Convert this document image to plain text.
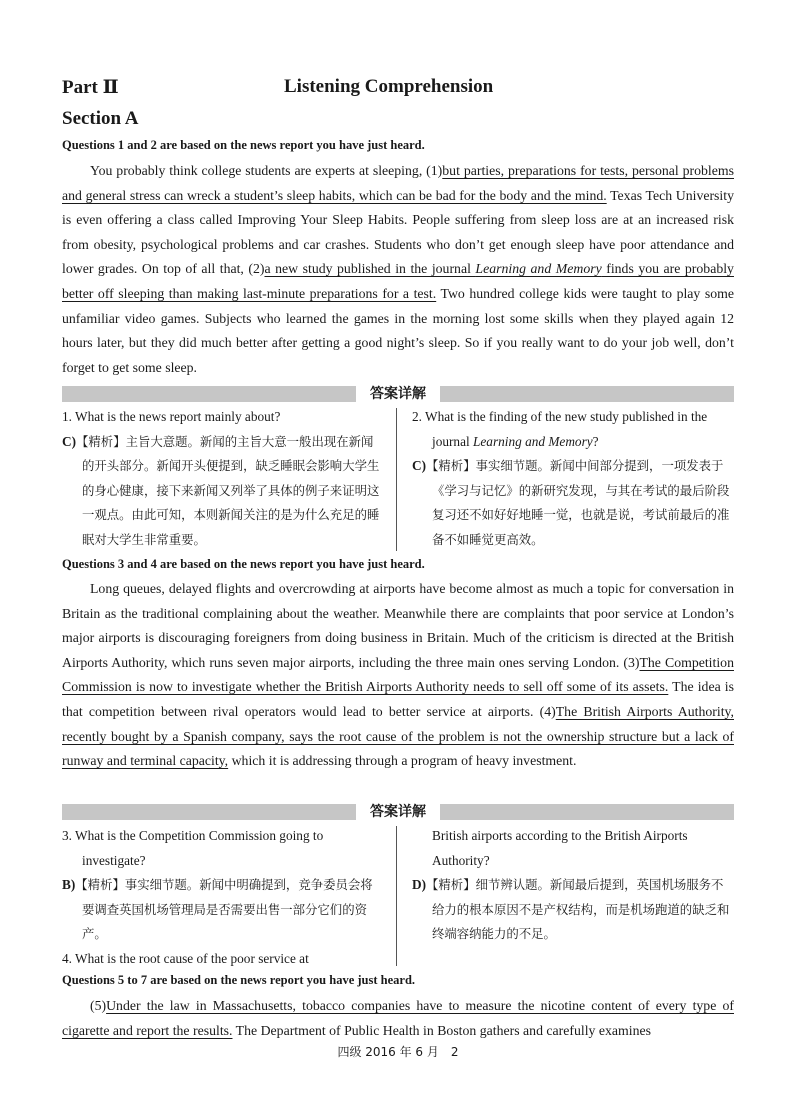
Part Ⅱ	Listening Comprehension
Section A
Questions 1 and 2 are based on the news report you have just heard.
You probably think college students are experts at sleeping, (1)but parties, preparations for tests, personal problems and general stress can wreck a student’s sleep habits, which can be bad for the body and the mind. Texas Tech University is even offering a class called Improving Your Sleep Habits. People suffering from sleep loss are at an increased risk from obesity, psychological problems and car crashes. Students who don’t get enough sleep have poor attendance and lower grades. On top of all that, (2)a new study published in the journal Learning and Memory finds you are probably better off sleeping than making last-minute preparations for a test. Two hundred college kids were taught to play some unfamiliar video games. Subjects who learned the games in the morning lost some skills when they played again 12 hours later, but they did much better after getting a good night’s sleep. So if you really want to do your job well, don’t forget to get some sleep.
答案详解
1. What is the news report mainly about?
C)【精析】主旨大意题。新闻的主旨大意一般出现在新闻的开头部分。新闻开头便提到，缺乏睡眠会影响大学生的身心健康，接下来新闻又列举了具体的例子来证明这一观点。由此可知，本则新闻关注的是为什么充足的睡眠对大学生非常重要。
2. What is the finding of the new study published in the journal Learning and Memory?
C)【精析】事实细节题。新闻中间部分提到，一项发表于《学习与记忆》的新研究发现，与其在考试的最后阶段复习还不如好好地睡一觉，也就是说，考试前最后的准备不如睡觉更高效。
Questions 3 and 4 are based on the news report you have just heard.
Long queues, delayed flights and overcrowding at airports have become almost as much a topic for conversation in Britain as the traditional complaining about the weather. Meanwhile there are complaints that poor service at London’s major airports is discouraging foreigners from doing business in Britain. Much of the criticism is directed at the British Airports Authority, which runs seven major airports, including the three main ones serving London. (3)The Competition Commission is now to investigate whether the British Airports Authority needs to sell off some of its assets. The idea is that competition between rival operators would lead to better service at airports. (4)The British Airports Authority, recently bought by a Spanish company, says the root cause of the problem is not the ownership structure but a lack of runway and terminal capacity, which it is addressing through a program of heavy investment.
答案详解
3. What is the Competition Commission going to investigate?
B)【精析】事实细节题。新闻中明确提到，竞争委员会将要调查英国机场管理局是否需要出售一部分它们的资产。
4. What is the root cause of the poor service at
British airports according to the British Airports Authority?
D)【精析】细节辨认题。新闻最后提到，英国机场服务不给力的根本原因不是产权结构，而是机场跑道的缺乏和终端容纳能力的不足。
Questions 5 to 7 are based on the news report you have just heard.
(5)Under the law in Massachusetts, tobacco companies have to measure the nicotine content of every type of cigarette and report the results. The Department of Public Health in Boston gathers and carefully examines
四级 2016 年 6 月　2
